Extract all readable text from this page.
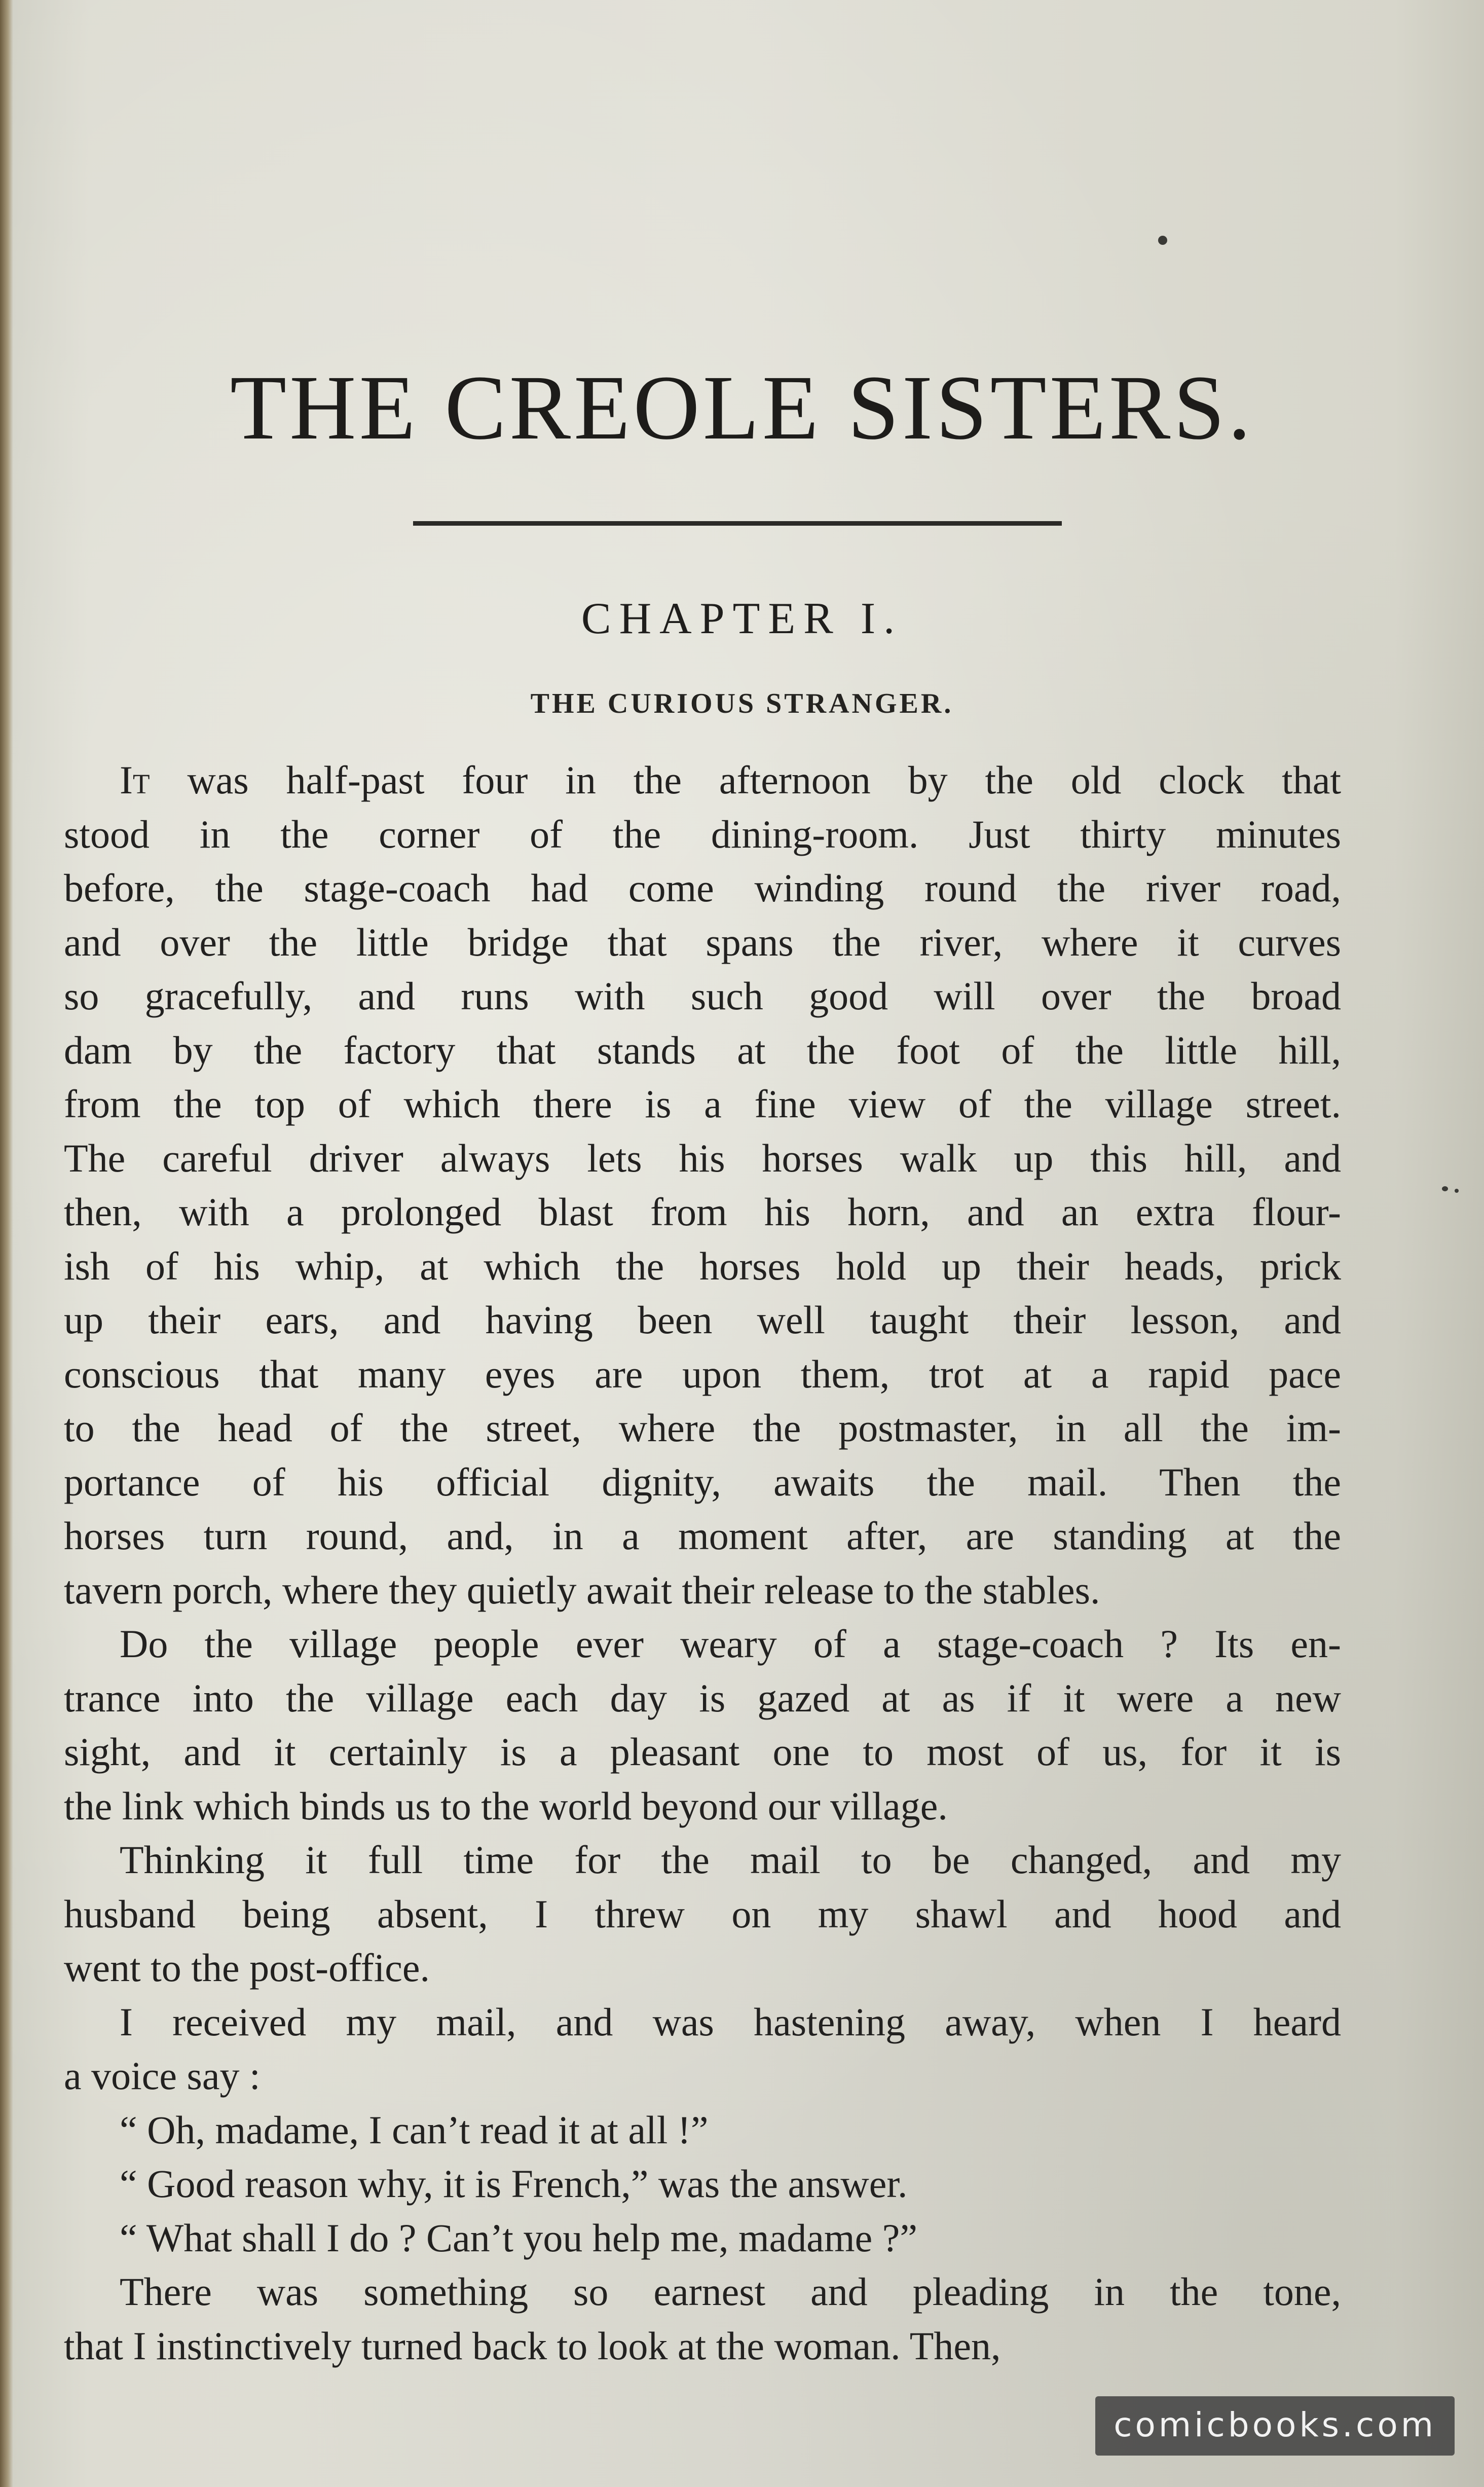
THE CREOLE SISTERS.
CHAPTER I.
THE CURIOUS STRANGER.
It was half-past four in the afternoon by the old clock that
stood in the corner of the dining-room. Just thirty minutes
before, the stage-coach had come winding round the river road,
and over the little bridge that spans the river, where it curves
so gracefully, and runs with such good will over the broad
dam by the factory that stands at the foot of the little hill,
from the top of which there is a fine view of the village street.
The careful driver always lets his horses walk up this hill, and
then, with a prolonged blast from his horn, and an extra flour-
ish of his whip, at which the horses hold up their heads, prick
up their ears, and having been well taught their lesson, and
conscious that many eyes are upon them, trot at a rapid pace
to the head of the street, where the postmaster, in all the im-
portance of his official dignity, awaits the mail. Then the
horses turn round, and, in a moment after, are standing at the
tavern porch, where they quietly await their release to the stables.
Do the village people ever weary of a stage-coach ? Its en-
trance into the village each day is gazed at as if it were a new
sight, and it certainly is a pleasant one to most of us, for it is
the link which binds us to the world beyond our village.
Thinking it full time for the mail to be changed, and my
husband being absent, I threw on my shawl and hood and
went to the post-office.
I received my mail, and was hastening away, when I heard
a voice say :
“ Oh, madame, I can’t read it at all !”
“ Good reason why, it is French,” was the answer.
“ What shall I do ? Can’t you help me, madame ?”
There was something so earnest and pleading in the tone,
that I instinctively turned back to look at the woman. Then,
comicbooks.com
